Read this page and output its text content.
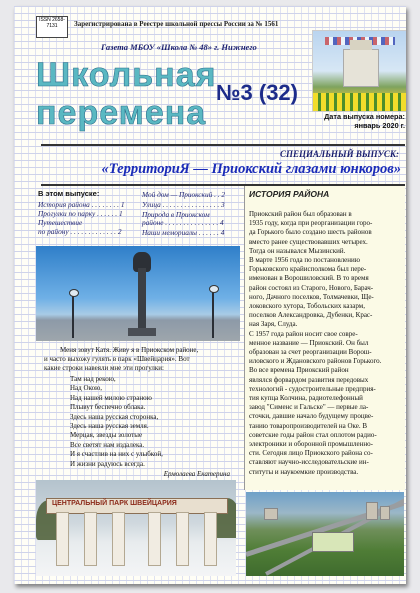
ISSN 2658-7131	Зарегистрирована в Реестре школьной прессы России за № 1561
Газета МБОУ «Школа № 48» г. Нижнего
Школьная
перемена
№3 (32)
Дата выпуска номера:
январь 2020 г.
СПЕЦИАЛЬНЫЙ ВЫПУСК:
«ТерриториЯ — Приокский глазами юнкоров»
В этом выпуске:
История района . . . . . . . . 1
Прогулки по парку . . . . . . 1
Путешествие
по району . . . . . . . . . . . . . 2
Мой дом — Приокский . . 2
Улица . . . . . . . . . . . . . . . . 3
Природа в Приокском
районе . . . . . . . . . . . . . . . 4
Наши мемориалы . . . . . . 4
ИСТОРИЯ РАЙОНА
Приокский район был образован в
1935 году, когда при реорганизации горо-
да Горького было создано шесть районов
вместо ранее существовавших четырех.
Тогда он назывался Мызинский.
В марте 1956 года по постановлению
Горьковского крайисполкома был пере-
именован в Ворошиловский. В то время
район состоял из Старого, Нового, Барач-
ного, Дачного поселков, Толмачевки, Ще-
локовского хутора, Тобольских казарм,
поселков Александровка, Дубенки, Крас-
ная Заря, Слуда.
С 1957 года район носит свое совре-
менное название — Приокский. Он был
образован за счет реорганизации Ворош-
иловского и Ждановского районов Горького.
Во все времена Приокский район
являлся форвардом развития передовых
технологий - судостроительные предприя-
тия купца Колчина, радиотелефонный
завод "Сименс и Гальске" — первые ла-
сточки, давшие начало будущему процве-
танию товаропроизводителей на Оке. В
советские годы район стал оплотом радио-
электроники и оборонной промышленно-
сти. Сегодня лицо Приокского района со-
ставляют научно-исследовательские ин-
ституты и наукоемкие производства.
Меня зовут Катя. Живу я в Приокском районе,
и часто выхожу гулять в парк «Швейцария». Вот
какие строки навеяли мне эти прогулки:
Там над рекою,
Над Окою,
Над нашей милою страною
Плывут беспечно облака.
Здесь наша русская сторонка,
Здесь наша русская земля.
Мерцая, звезды золотые
Все светят нам издалека.
И я счастлив на них с улыбкой,
И жизни радуюсь всегда.
Ермолаева Екатерина
ЦЕНТРАЛЬНЫЙ ПАРК ШВЕЙЦАРИЯ
